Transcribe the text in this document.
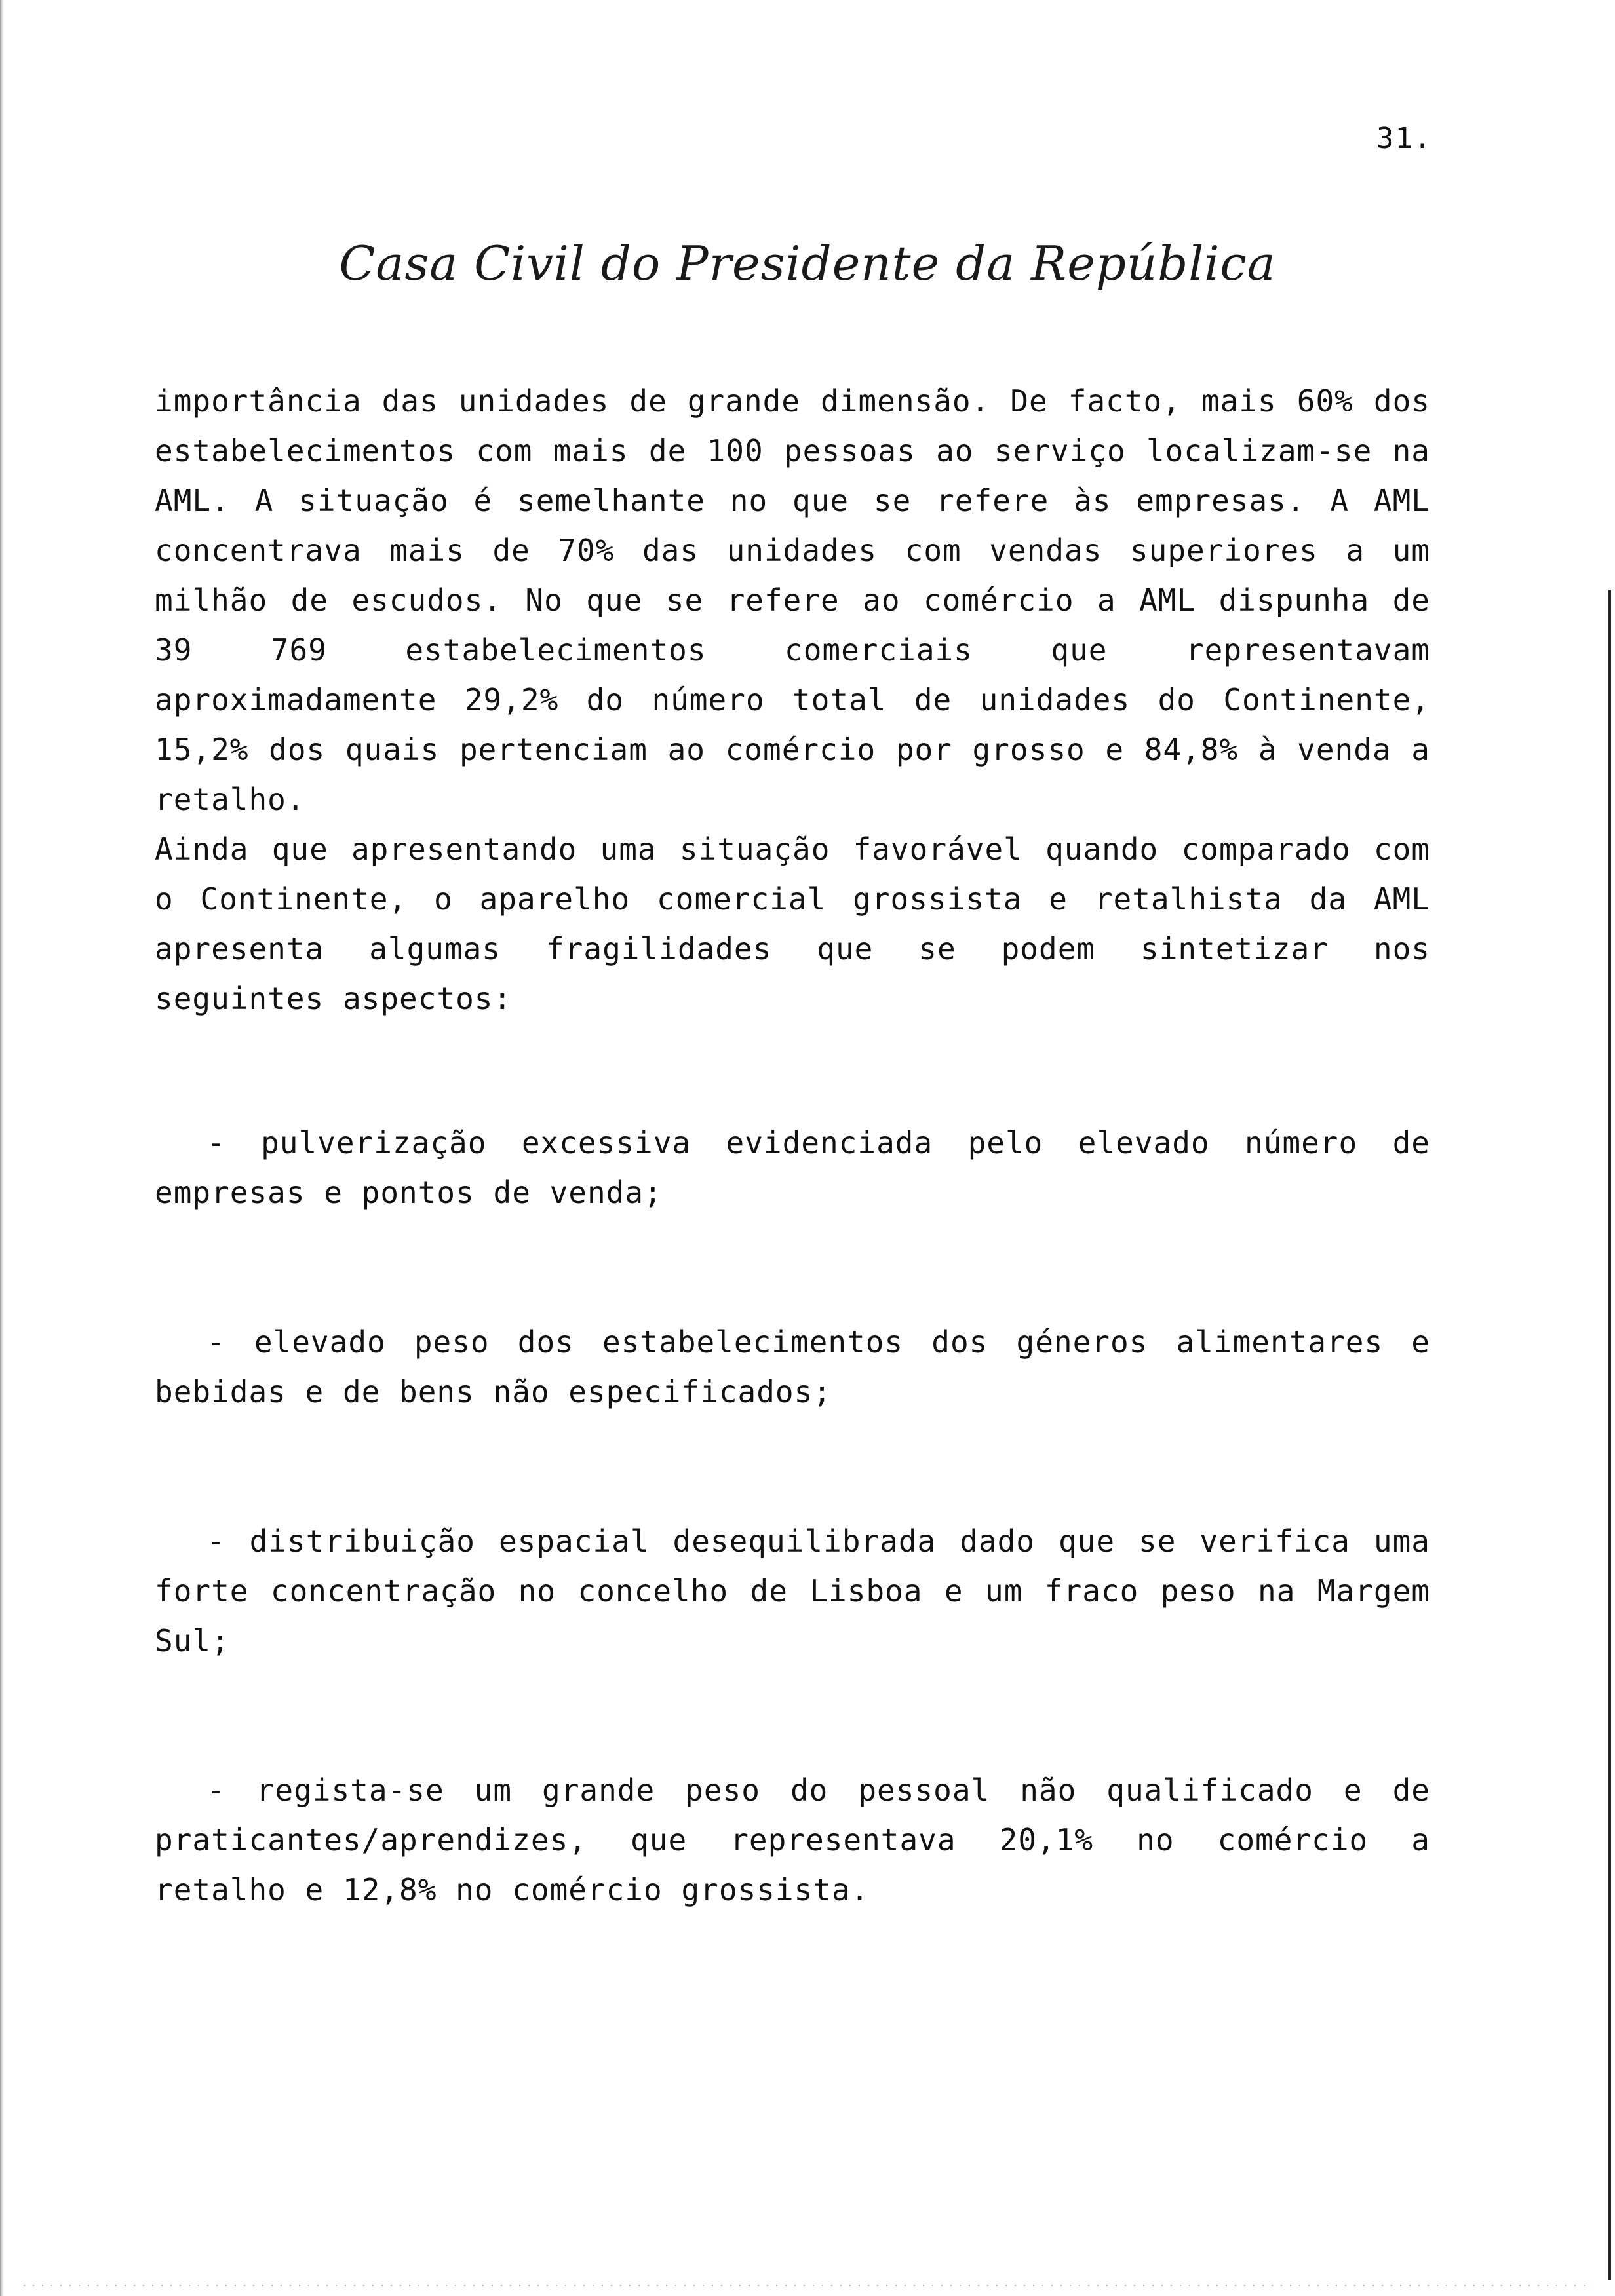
31.
Casa Civil do Presidente da República
importância das unidades de grande dimensão. De facto, mais 60% dos estabelecimentos com mais de 100 pessoas ao serviço localizam-se na AML. A situação é semelhante no que se refere às empresas. A AML concentrava mais de 70% das unidades com vendas superiores a um milhão de escudos. No que se refere ao comércio a AML dispunha de 39 769 estabelecimentos comerciais que representavam aproximadamente 29,2% do número total de unidades do Continente, 15,2% dos quais pertenciam ao comércio por grosso e 84,8% à venda a retalho.
Ainda que apresentando uma situação favorável quando comparado com o Continente, o aparelho comercial grossista e retalhista da AML apresenta algumas fragilidades que se podem sintetizar nos seguintes aspectos:
- pulverização excessiva evidenciada pelo elevado número de empresas e pontos de venda;
- elevado peso dos estabelecimentos dos géneros alimentares e bebidas e de bens não especificados;
- distribuição espacial desequilibrada dado que se verifica uma forte concentração no concelho de Lisboa e um fraco peso na Margem Sul;
- regista-se um grande peso do pessoal não qualificado e de praticantes/aprendizes, que representava 20,1% no comércio a retalho e 12,8% no comércio grossista.
